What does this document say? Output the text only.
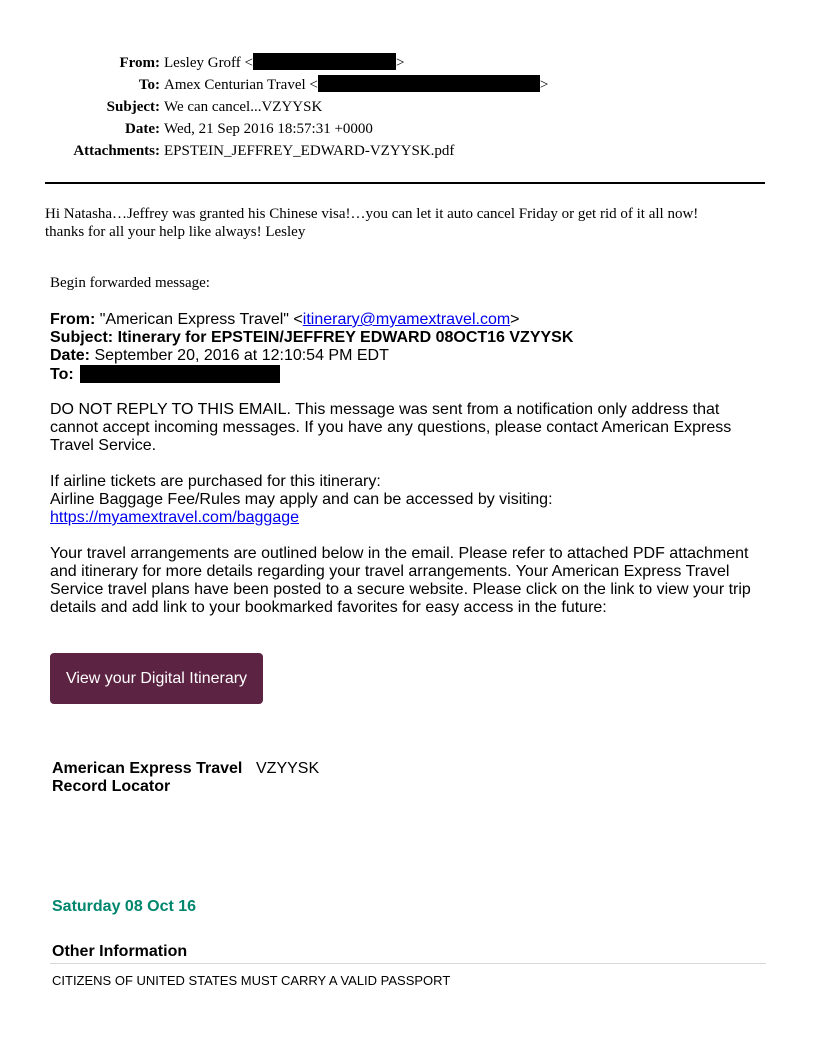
From: Lesley Groff <	>
To: Amex Centurian Travel <	>
Subject: We can cancel...VZYYSK
Date: Wed, 21 Sep 2016 18:57:31 +0000
Attachments: EPSTEIN_JEFFREY_EDWARD-VZYYSK.pdf
Hi Natasha…Jeffrey was granted his Chinese visa!…you can let it auto cancel Friday or get rid of it all now!
thanks for all your help like always! Lesley
Begin forwarded message:
From: "American Express Travel" <itinerary@myamextravel.com>
Subject: Itinerary for EPSTEIN/JEFFREY EDWARD 08OCT16 VZYYSK
Date: September 20, 2016 at 12:10:54 PM EDT
To:
DO NOT REPLY TO THIS EMAIL. This message was sent from a notification only address that cannot accept incoming messages. If you have any questions, please contact American Express Travel Service.
If airline tickets are purchased for this itinerary:
Airline Baggage Fee/Rules may apply and can be accessed by visiting:
https://myamextravel.com/baggage
Your travel arrangements are outlined below in the email. Please refer to attached PDF attachment and itinerary for more details regarding your travel arrangements. Your American Express Travel Service travel plans have been posted to a secure website. Please click on the link to view your trip details and add link to your bookmarked favorites for easy access in the future:
View your Digital Itinerary
American Express Travel
Record Locator
VZYYSK
Saturday 08 Oct 16
Other Information
CITIZENS OF UNITED STATES MUST CARRY A VALID PASSPORT
